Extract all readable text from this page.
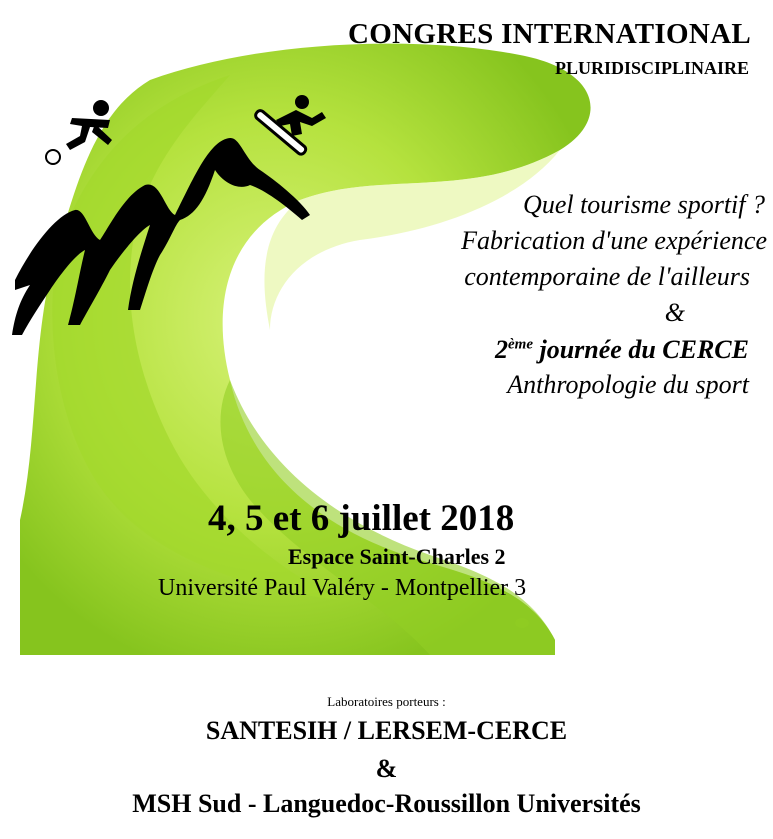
CONGRES INTERNATIONAL
PLURIDISCIPLINAIRE
Quel tourisme sportif ?
Fabrication d'une expérience
contemporaine de l'ailleurs
&
2ème journée du CERCE
Anthropologie du sport
4, 5 et 6 juillet 2018
Espace Saint-Charles 2
Université Paul Valéry - Montpellier 3
Laboratoires porteurs :
SANTESIH / LERSEM-CERCE
&
MSH Sud - Languedoc-Roussillon Universités
